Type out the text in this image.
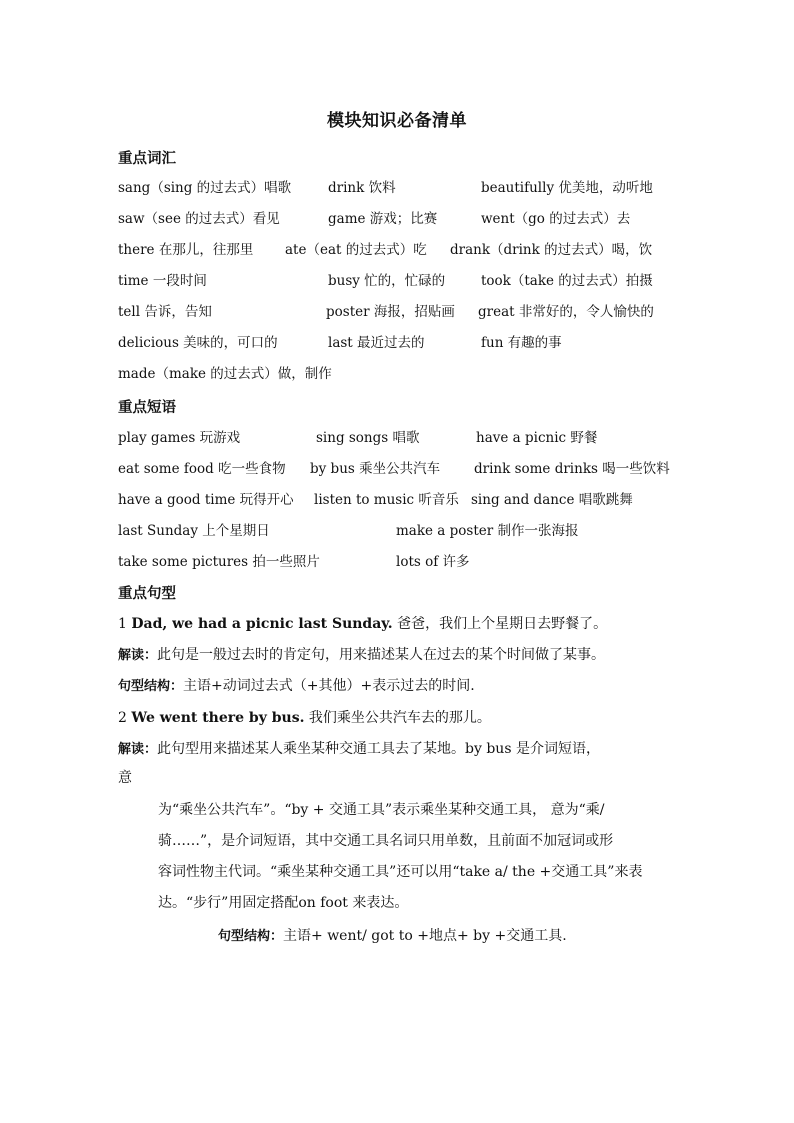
模块知识必备清单
重点词汇
sang（sing 的过去式）唱歌	drink 饮料	beautifully 优美地，动听地
saw（see 的过去式）看见	game 游戏；比赛	went（go 的过去式）去
there 在那儿，往那里 ate（eat 的过去式）吃 drank（drink 的过去式）喝，饮
time 一段时间	busy 忙的，忙碌的	took（take 的过去式）拍摄
tell 告诉，告知	poster 海报，招贴画 great 非常好的，令人愉快的
delicious 美味的，可口的	last 最近过去的	fun 有趣的事
made（make 的过去式）做，制作
重点短语
play games 玩游戏	sing songs 唱歌	have a picnic 野餐
eat some food 吃一些食物 by bus 乘坐公共汽车	drink some drinks 喝一些饮料
have a good time 玩得开心 listen to music 听音乐 sing and dance 唱歌跳舞
last Sunday 上个星期日	make a poster 制作一张海报
take some pictures 拍一些照片	lots of 许多
重点句型
1 Dad, we had a picnic last Sunday. 爸爸，我们上个星期日去野餐了。
解读：此句是一般过去时的肯定句，用来描述某人在过去的某个时间做了某事。
句型结构：主语+动词过去式（+其他）+表示过去的时间.
2 We went there by bus. 我们乘坐公共汽车去的那儿。
解读：此句型用来描述某人乘坐某种交通工具去了某地。by bus 是介词短语，
意
为“乘坐公共汽车”。“by + 交通工具”表示乘坐某种交通工具， 意为“乘/
骑……”，是介词短语，其中交通工具名词只用单数，且前面不加冠词或形
容词性物主代词。“乘坐某种交通工具”还可以用“take a/ the +交通工具”来表
达。“步行”用固定搭配on foot 来表达。
句型结构：主语+ went/ got to +地点+ by +交通工具.
